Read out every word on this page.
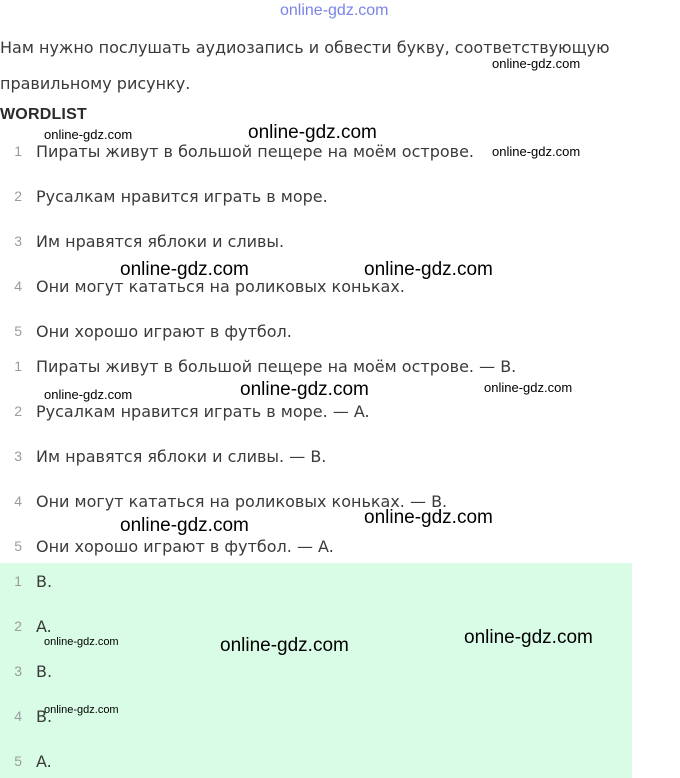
online-gdz.com

Нам нужно послушать аудиозапись и обвести букву, соответствующую

правильному рисунку.

WORDLIST
1 Пираты живут в большой пещере на моём острове.
2 Русалкам нравится играть в море.
3 Им нравятся яблоки и сливы.
4 Они могут кататься на роликовых коньках.
5 Они хорошо играют в футбол.
1 Пираты живут в большой пещере на моём острове. — B.
2 Русалкам нравится играть в море. — A.
3 Им нравятся яблоки и сливы. — B.
4 Они могут кататься на роликовых коньках. — B.
5 Они хорошо играют в футбол. — A.
1 B.
2 A.
3 B.
4 B.
5 A.
online-gdz.com
online-gdz.com	online-gdz.com
online-gdz.com
online-gdz.com	online-gdz.com
online-gdz.com	online-gdz.com	online-gdz.com
online-gdz.com	online-gdz.com
online-gdz.com	online-gdz.com	online-gdz.com
online-gdz.com
